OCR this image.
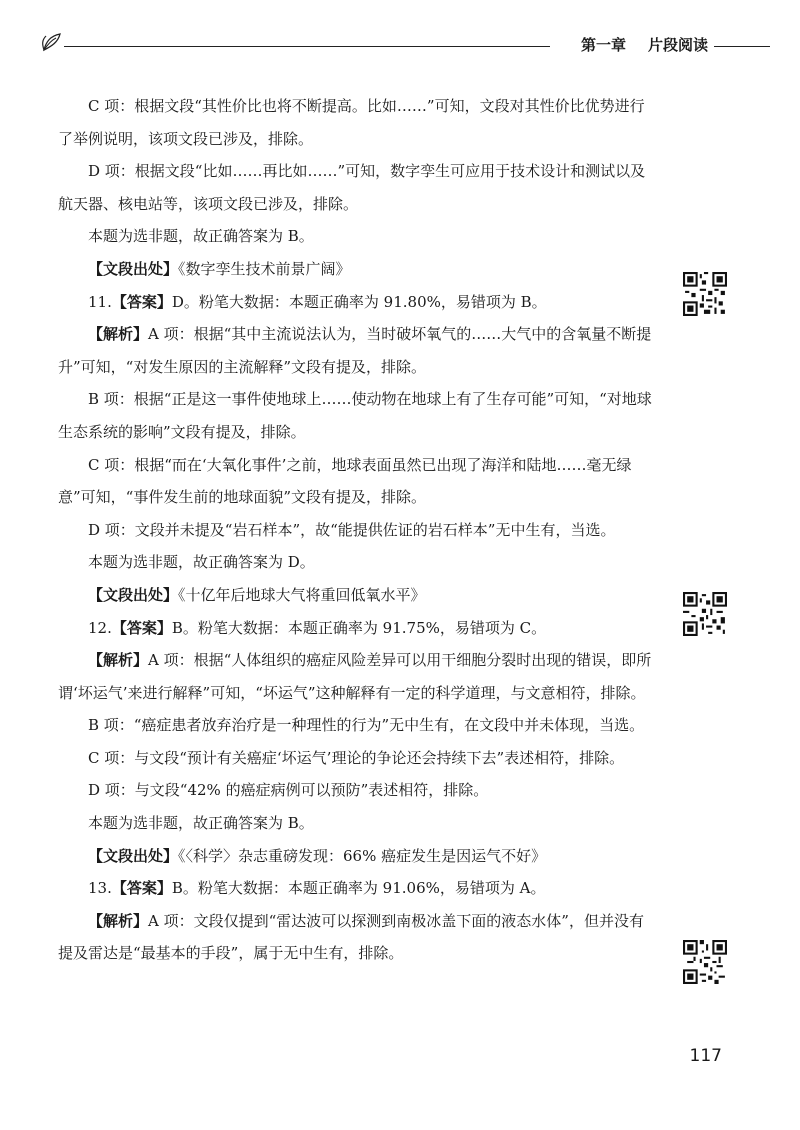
第一章 片段阅读

C 项：根据文段“其性价比也将不断提高。比如……”可知，文段对其性价比优势进行了举例说明，该项文段已涉及，排除。

D 项：根据文段“比如……再比如……”可知，数字孪生可应用于技术设计和测试以及航天器、核电站等，该项文段已涉及，排除。

本题为选非题，故正确答案为 B。

【文段出处】《数字孪生技术前景广阔》

11.【答案】D。粉笔大数据：本题正确率为 91.80%，易错项为 B。

【解析】A 项：根据“其中主流说法认为，当时破坏氧气的……大气中的含氧量不断提升”可知，“对发生原因的主流解释”文段有提及，排除。

B 项：根据“正是这一事件使地球上……使动物在地球上有了生存可能”可知，“对地球生态系统的影响”文段有提及，排除。

C 项：根据“而在‘大氧化事件’之前，地球表面虽然已出现了海洋和陆地……毫无绿意”可知，“事件发生前的地球面貌”文段有提及，排除。

D 项：文段并未提及“岩石样本”，故“能提供佐证的岩石样本”无中生有，当选。

本题为选非题，故正确答案为 D。

【文段出处】《十亿年后地球大气将重回低氧水平》

12.【答案】B。粉笔大数据：本题正确率为 91.75%，易错项为 C。

【解析】A 项：根据“人体组织的癌症风险差异可以用干细胞分裂时出现的错误，即所谓‘坏运气’来进行解释”可知，“坏运气”这种解释有一定的科学道理，与文意相符，排除。

B 项：“癌症患者放弃治疗是一种理性的行为”无中生有，在文段中并未体现，当选。

C 项：与文段“预计有关癌症‘坏运气’理论的争论还会持续下去”表述相符，排除。

D 项：与文段“42% 的癌症病例可以预防”表述相符，排除。

本题为选非题，故正确答案为 B。

【文段出处】《〈科学〉杂志重磅发现：66% 癌症发生是因运气不好》

13.【答案】B。粉笔大数据：本题正确率为 91.06%，易错项为 A。

【解析】A 项：文段仅提到“雷达波可以探测到南极冰盖下面的液态水体”，但并没有提及雷达是“最基本的手段”，属于无中生有，排除。

117
